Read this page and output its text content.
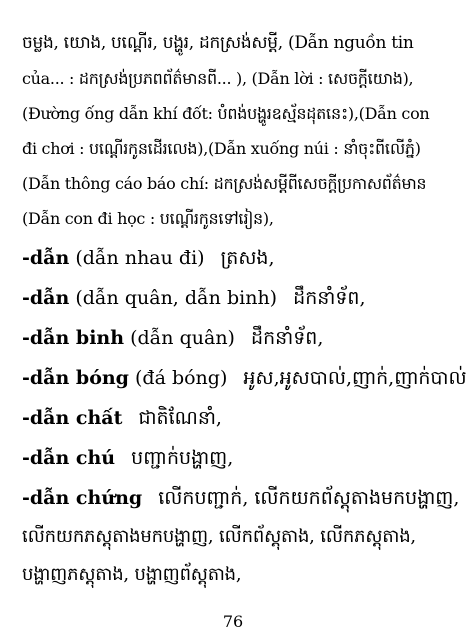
ចម្លង, យោង, បណ្ដើរ, បង្ហូរ, ដកស្រង់សម្ដី, (Dẫn nguồn tin

của... : ដកស្រង់ប្រភពព័ត៌មានពី... ), (Dẫn lời : សេចក្ដីយោង),

(Đường ống dẫn khí đốt: បំពង់បង្ហូរឧស្ម័នដុតនេះ),(Dẫn con

đi chơi : បណ្ដើរកូនដើរលេង),(Dẫn xuống núi : នាំចុះពីលើភ្នំ)

(Dẫn thông cáo báo chí: ដកស្រង់សម្ដីពីសេចក្ដីប្រកាសព័ត៌មាន

(Dẫn con đi học : បណ្ដើរកូនទៅរៀន),

-dẫn (dẫn nhau đi) ត្រសង,

-dẫn (dẫn quân, dẫn binh) ដឹកនាំទ័ព,

-dẫn binh (dẫn quân) ដឹកនាំទ័ព,

-dẫn bóng (đá bóng) អូស,អូសបាល់,ញាក់,ញាក់បាល់

-dẫn chất ជាតិណែនាំ,

-dẫn chú បញ្ជាក់បង្ហាញ,

-dẫn chứng លើកបញ្ជាក់, លើកយកព័ស្ដុតាងមកបង្ហាញ,

លើកយកភស្ដុតាងមកបង្ហាញ, លើកព័ស្ដុតាង, លើកភស្ដុតាង,

បង្ហាញភស្ដុតាង, បង្ហាញព័ស្ដុតាង,

76
